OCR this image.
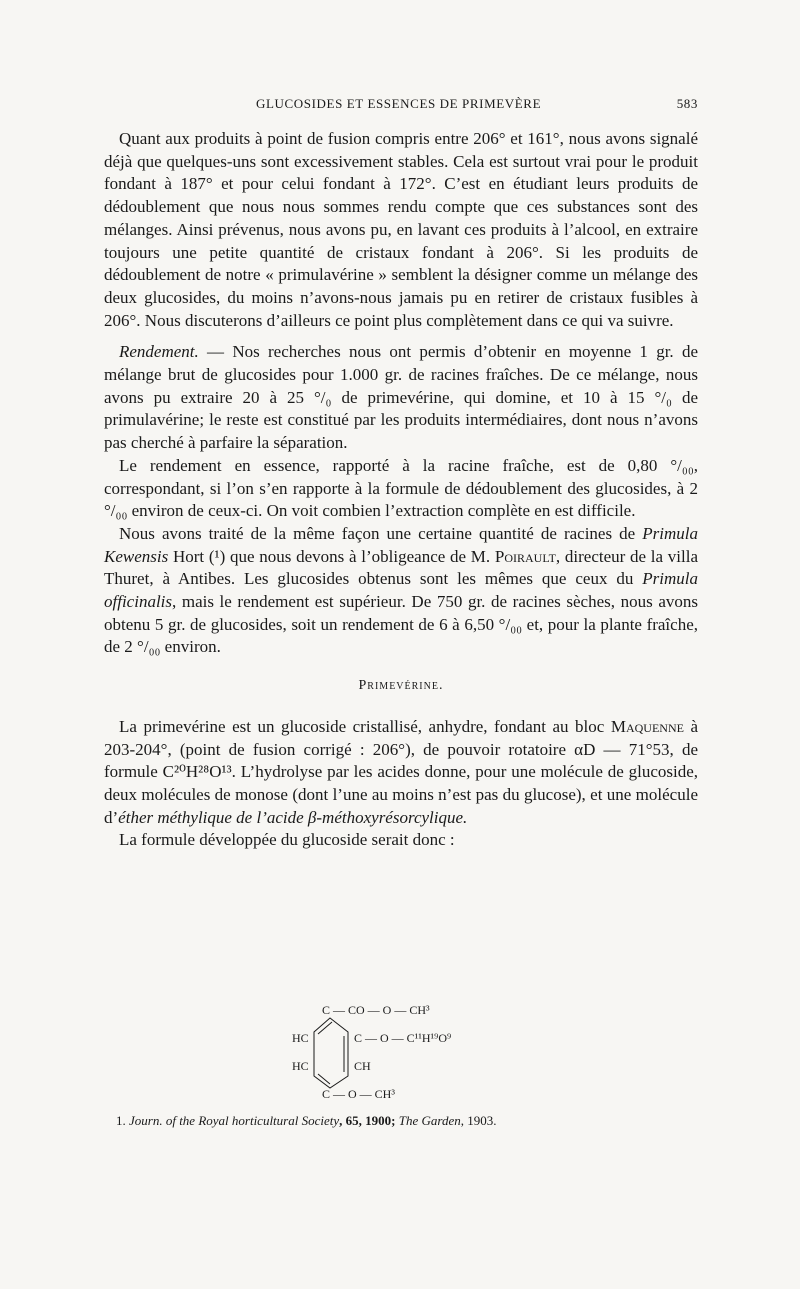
GLUCOSIDES ET ESSENCES DE PRIMEVÈRE	583

Quant aux produits à point de fusion compris entre 206° et 161°, nous avons signalé déjà que quelques-uns sont excessivement stables. Cela est surtout vrai pour le produit fondant à 187° et pour celui fondant à 172°. C’est en étudiant leurs produits de dédoublement que nous nous sommes rendu compte que ces substances sont des mélanges. Ainsi prévenus, nous avons pu, en lavant ces produits à l’alcool, en extraire toujours une petite quantité de cristaux fondant à 206°. Si les produits de dédoublement de notre « primulavérine » semblent la désigner comme un mélange des deux glucosides, du moins n’avons-nous jamais pu en retirer de cristaux fusibles à 206°. Nous discuterons d’ailleurs ce point plus complètement dans ce qui va suivre.

Rendement. — Nos recherches nous ont permis d’obtenir en moyenne 1 gr. de mélange brut de glucosides pour 1.000 gr. de racines fraîches. De ce mélange, nous avons pu extraire 20 à 25 °/₀ de primevérine, qui domine, et 10 à 15 °/₀ de primulavérine; le reste est constitué par les produits intermédiaires, dont nous n’avons pas cherché à parfaire la séparation.

Le rendement en essence, rapporté à la racine fraîche, est de 0,80 °/₀₀, correspondant, si l’on s’en rapporte à la formule de dédoublement des glucosides, à 2 °/₀₀ environ de ceux-ci. On voit combien l’extraction complète en est difficile.

Nous avons traité de la même façon une certaine quantité de racines de Primula Kewensis Hort (¹) que nous devons à l’obligeance de M. Poirault, directeur de la villa Thuret, à Antibes. Les glucosides obtenus sont les mêmes que ceux du Primula officinalis, mais le rendement est supérieur. De 750 gr. de racines sèches, nous avons obtenu 5 gr. de glucosides, soit un rendement de 6 à 6,50 °/₀₀ et, pour la plante fraîche, de 2 °/₀₀ environ.

Primevérine.

La primevérine est un glucoside cristallisé, anhydre, fondant au bloc Maquenne à 203-204°, (point de fusion corrigé : 206°), de pouvoir rotatoire αD — 71°53, de formule C²⁰H²⁸O¹³. L’hydrolyse par les acides donne, pour une molécule de glucoside, deux molécules de monose (dont l’une au moins n’est pas du glucose), et une molécule d’éther méthylique de l’acide β-méthoxyrésorcylique.

La formule développée du glucoside serait donc :

C — CO — O — CH³
HC	C — O — C¹¹H¹⁹O⁹
HC	CH
C — O — CH³
1. Journ. of the Royal horticultural Society, 65, 1900; The Garden, 1903.
